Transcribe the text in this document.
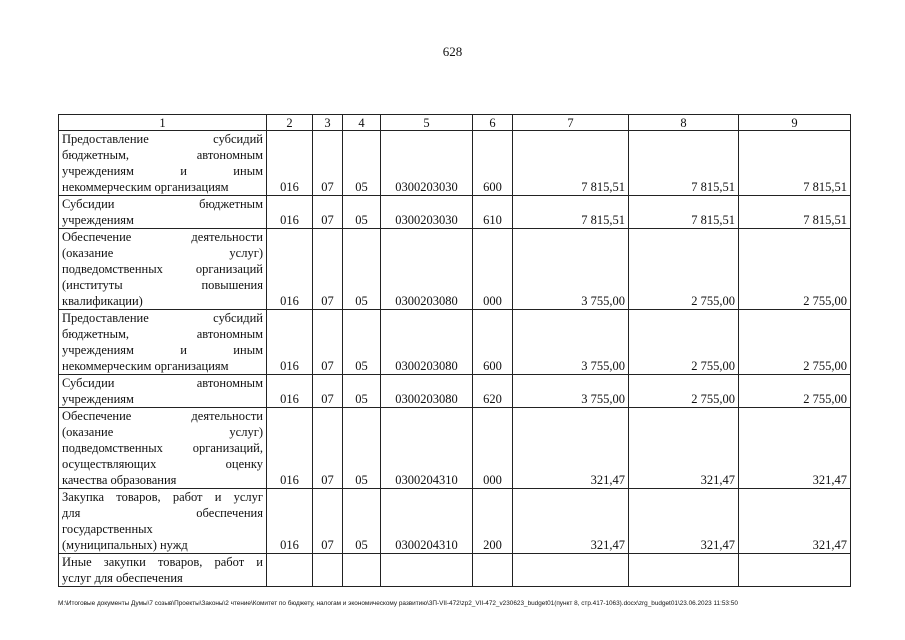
628
1	2	3	4	5	6	7	8	9

Предоставление субсидий
бюджетным, автономным
учреждениям и иным
некоммерческим организациям	016	07	05	0300203030	600	7 815,51	7 815,51	7 815,51

Субсидии бюджетным
учреждениям	016	07	05	0300203030	610	7 815,51	7 815,51	7 815,51

Обеспечение деятельности
(оказание услуг)
подведомственных организаций
(институты повышения
квалификации)	016	07	05	0300203080	000	3 755,00	2 755,00	2 755,00

Предоставление субсидий
бюджетным, автономным
учреждениям и иным
некоммерческим организациям	016	07	05	0300203080	600	3 755,00	2 755,00	2 755,00

Субсидии автономным
учреждениям	016	07	05	0300203080	620	3 755,00	2 755,00	2 755,00

Обеспечение деятельности
(оказание услуг)
подведомственных организаций,
осуществляющих оценку
качества образования	016	07	05	0300204310	000	321,47	321,47	321,47

Закупка товаров, работ и услуг
для обеспечения
государственных
(муниципальных) нужд	016	07	05	0300204310	200	321,47	321,47	321,47

Иные закупки товаров, работ и
услуг для обеспечения								

М:\Итоговые документы Думы\7 созыв\Проекты\Законы\2 чтение\Комитет по бюджету, налогам и экономическому развитию\3П-VII-472\zp2_VII-472_v230623_budget01(пункт 8, стр.417-1063).docx\zrg_budget01\23.06.2023 11:53:50
